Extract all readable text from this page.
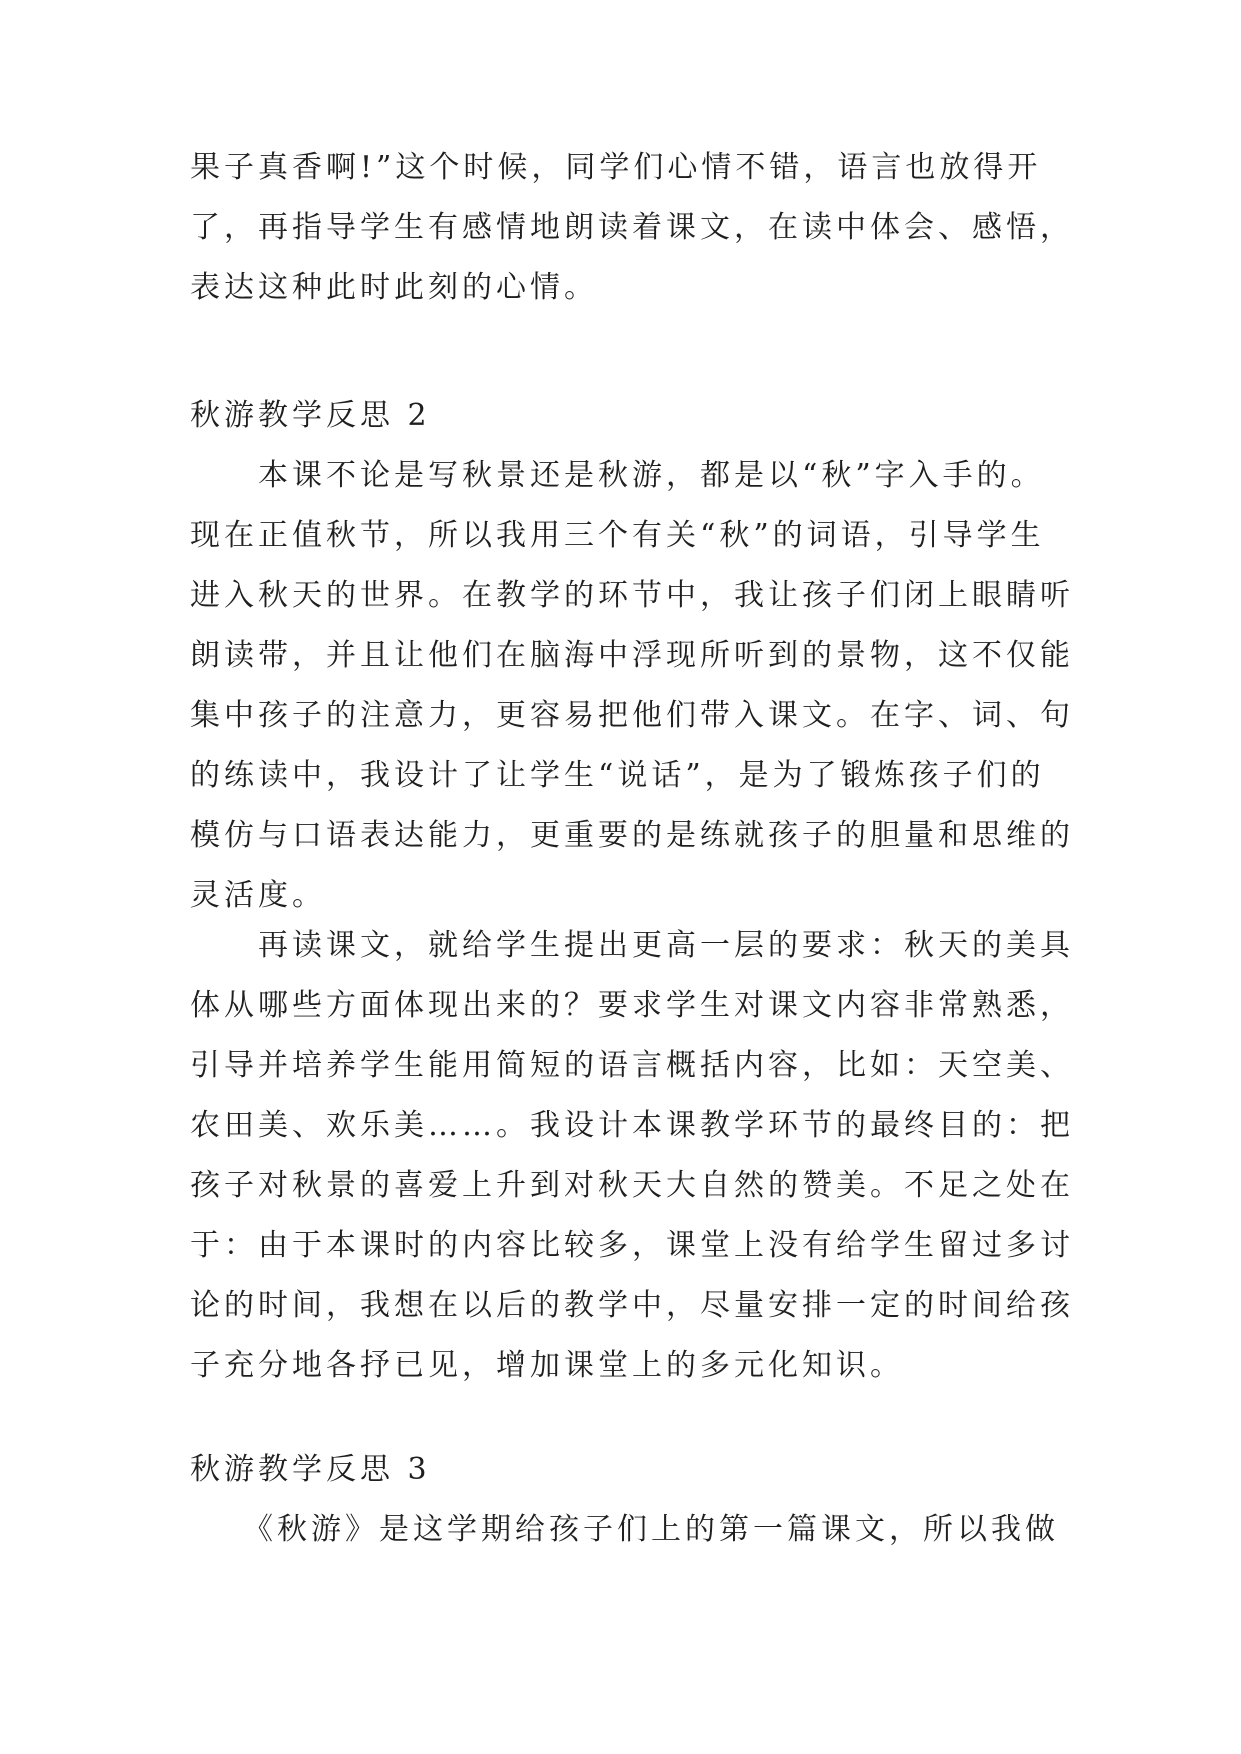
果子真香啊!”这个时候，同学们心情不错，语言也放得开
了，再指导学生有感情地朗读着课文，在读中体会、感悟，
表达这种此时此刻的心情。
秋游教学反思 2
　　本课不论是写秋景还是秋游，都是以“秋”字入手的。
现在正值秋节，所以我用三个有关“秋”的词语，引导学生
进入秋天的世界。在教学的环节中，我让孩子们闭上眼睛听
朗读带，并且让他们在脑海中浮现所听到的景物，这不仅能
集中孩子的注意力，更容易把他们带入课文。在字、词、句
的练读中，我设计了让学生“说话”，是为了锻炼孩子们的
模仿与口语表达能力，更重要的是练就孩子的胆量和思维的
灵活度。
　　再读课文，就给学生提出更高一层的要求：秋天的美具
体从哪些方面体现出来的？要求学生对课文内容非常熟悉，
引导并培养学生能用简短的语言概括内容，比如：天空美、
农田美、欢乐美……。我设计本课教学环节的最终目的：把
孩子对秋景的喜爱上升到对秋天大自然的赞美。不足之处在
于：由于本课时的内容比较多，课堂上没有给学生留过多讨
论的时间，我想在以后的教学中，尽量安排一定的时间给孩
子充分地各抒已见，增加课堂上的多元化知识。
秋游教学反思 3
　　《秋游》是这学期给孩子们上的第一篇课文，所以我做
